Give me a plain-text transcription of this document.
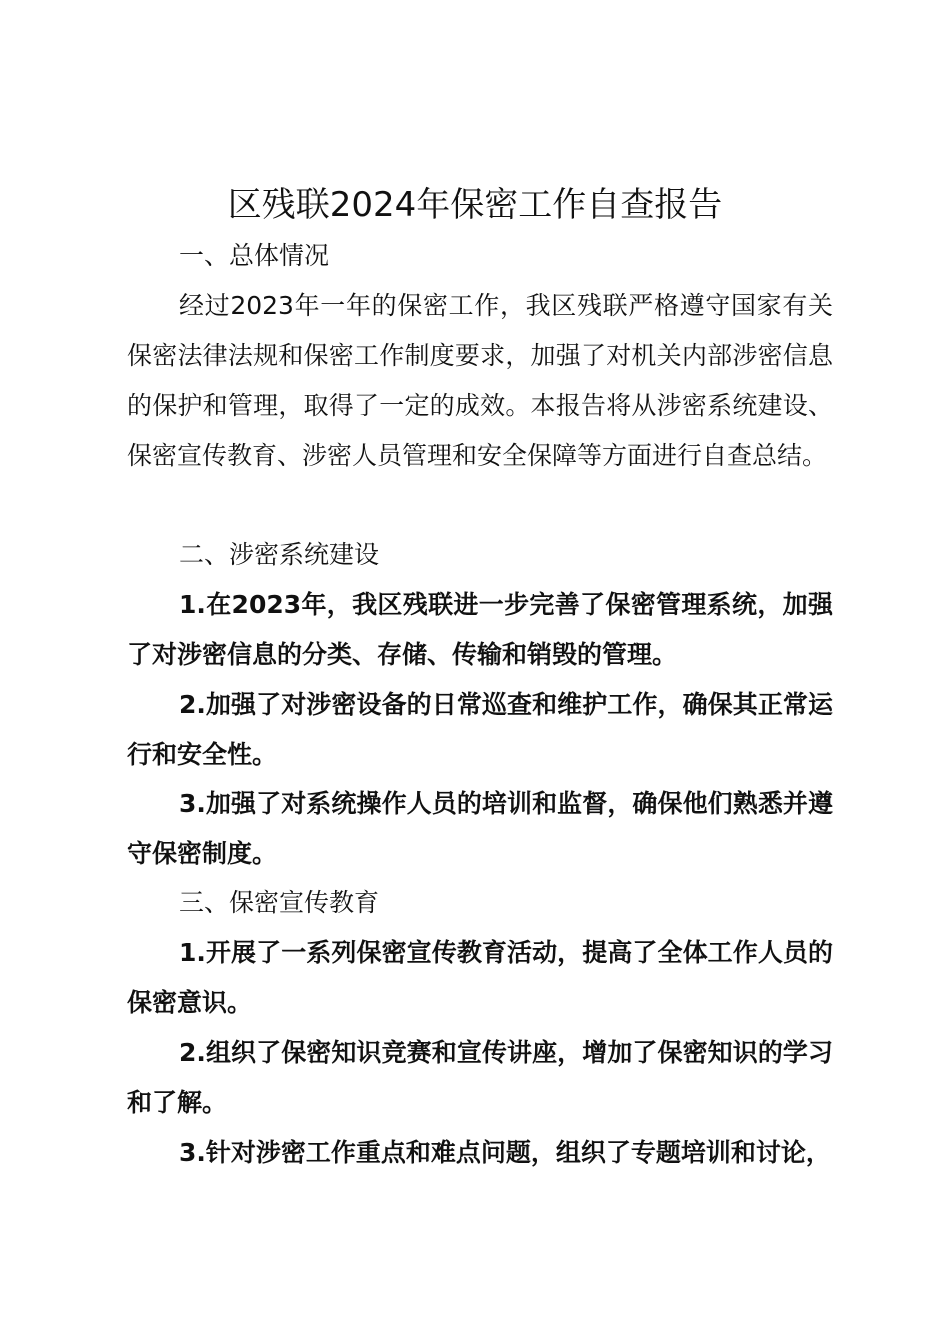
区残联2024年保密工作自查报告

一、总体情况

经过2023年一年的保密工作，我区残联严格遵守国家有关保密法律法规和保密工作制度要求，加强了对机关内部涉密信息的保护和管理，取得了一定的成效。本报告将从涉密系统建设、保密宣传教育、涉密人员管理和安全保障等方面进行自查总结。

二、涉密系统建设

1.在2023年，我区残联进一步完善了保密管理系统，加强了对涉密信息的分类、存储、传输和销毁的管理。

2.加强了对涉密设备的日常巡查和维护工作，确保其正常运行和安全性。

3.加强了对系统操作人员的培训和监督，确保他们熟悉并遵守保密制度。

三、保密宣传教育

1.开展了一系列保密宣传教育活动，提高了全体工作人员的保密意识。

2.组织了保密知识竞赛和宣传讲座，增加了保密知识的学习和了解。

3.针对涉密工作重点和难点问题，组织了专题培训和讨论，
